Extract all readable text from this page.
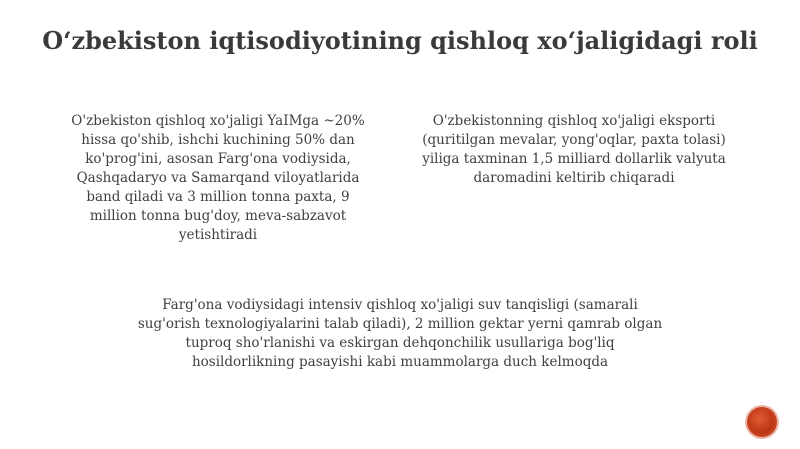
O‘zbekiston iqtisodiyotining qishloq xo‘jaligidagi roli
O'zbekiston qishloq xo'jaligi YaIMga ~20% hissa qo'shib, ishchi kuchining 50% dan ko'prog'ini, asosan Farg'ona vodiysida, Qashqadaryo va Samarqand viloyatlarida band qiladi va 3 million tonna paxta, 9 million tonna bug'doy, meva-sabzavot yetishtiradi
O'zbekistonning qishloq xo'jaligi eksporti (quritilgan mevalar, yong'oqlar, paxta tolasi) yiliga taxminan 1,5 milliard dollarlik valyuta daromadini keltirib chiqaradi
Farg'ona vodiysidagi intensiv qishloq xo'jaligi suv tanqisligi (samarali sug'orish texnologiyalarini talab qiladi), 2 million gektar yerni qamrab olgan tuproq sho'rlanishi va eskirgan dehqonchilik usullariga bog'liq hosildorlikning pasayishi kabi muammolarga duch kelmoqda
